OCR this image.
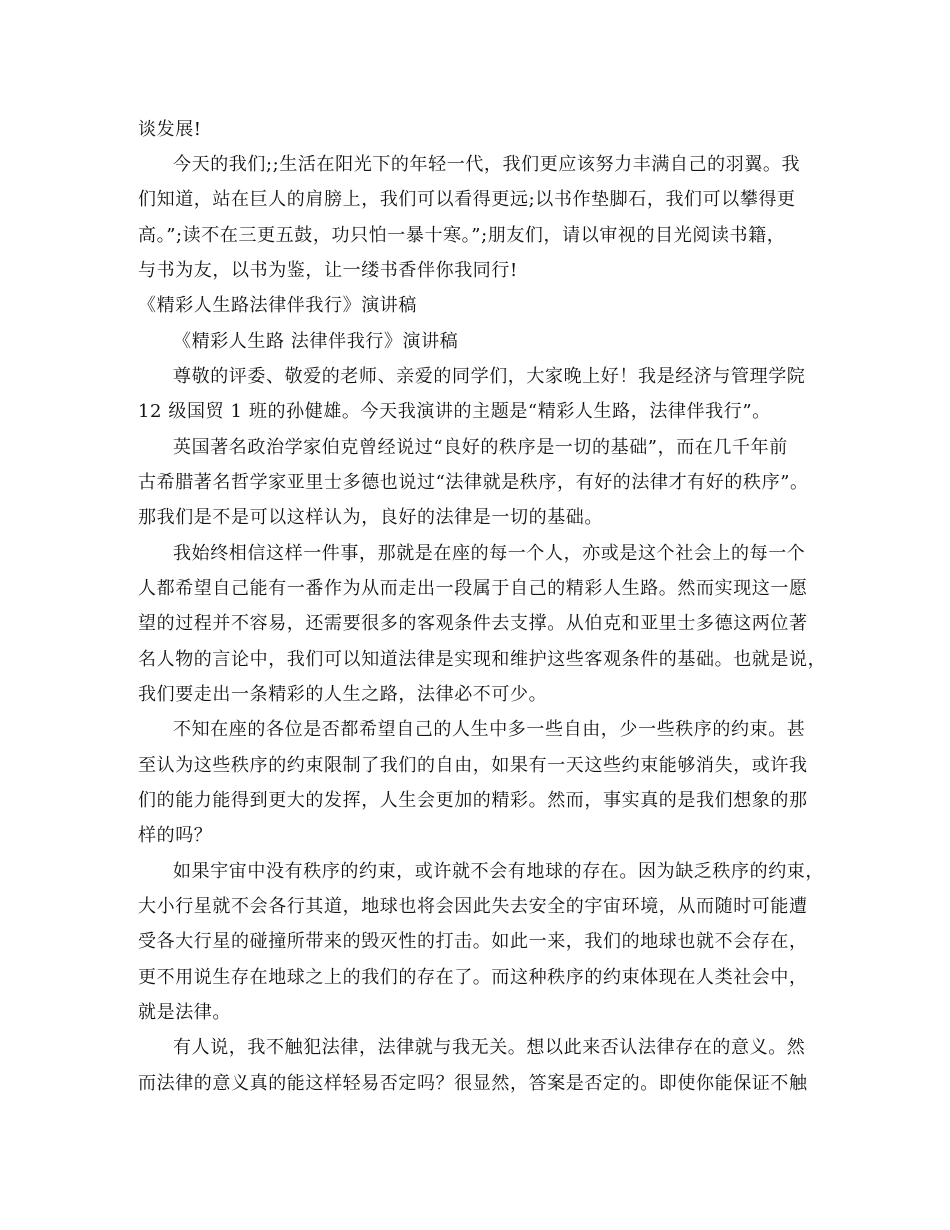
谈发展!
今天的我们;;生活在阳光下的年轻一代，我们更应该努力丰满自己的羽翼。我
们知道，站在巨人的肩膀上，我们可以看得更远;以书作垫脚石，我们可以攀得更
高。”;读不在三更五鼓，功只怕一暴十寒。”;朋友们，请以审视的目光阅读书籍，
与书为友，以书为鉴，让一缕书香伴你我同行!
《精彩人生路法律伴我行》演讲稿
《精彩人生路 法律伴我行》演讲稿
尊敬的评委、敬爱的老师、亲爱的同学们，大家晚上好！我是经济与管理学院
12 级国贸 1 班的孙健雄。今天我演讲的主题是“精彩人生路，法律伴我行”。
英国著名政治学家伯克曾经说过“良好的秩序是一切的基础”，而在几千年前
古希腊著名哲学家亚里士多德也说过“法律就是秩序，有好的法律才有好的秩序”。
那我们是不是可以这样认为，良好的法律是一切的基础。
我始终相信这样一件事，那就是在座的每一个人，亦或是这个社会上的每一个
人都希望自己能有一番作为从而走出一段属于自己的精彩人生路。然而实现这一愿
望的过程并不容易，还需要很多的客观条件去支撑。从伯克和亚里士多德这两位著
名人物的言论中，我们可以知道法律是实现和维护这些客观条件的基础。也就是说，
我们要走出一条精彩的人生之路，法律必不可少。
不知在座的各位是否都希望自己的人生中多一些自由，少一些秩序的约束。甚
至认为这些秩序的约束限制了我们的自由，如果有一天这些约束能够消失，或许我
们的能力能得到更大的发挥，人生会更加的精彩。然而，事实真的是我们想象的那
样的吗？
如果宇宙中没有秩序的约束，或许就不会有地球的存在。因为缺乏秩序的约束，
大小行星就不会各行其道，地球也将会因此失去安全的宇宙环境，从而随时可能遭
受各大行星的碰撞所带来的毁灭性的打击。如此一来，我们的地球也就不会存在，
更不用说生存在地球之上的我们的存在了。而这种秩序的约束体现在人类社会中，
就是法律。
有人说，我不触犯法律，法律就与我无关。想以此来否认法律存在的意义。然
而法律的意义真的能这样轻易否定吗？很显然，答案是否定的。即使你能保证不触
